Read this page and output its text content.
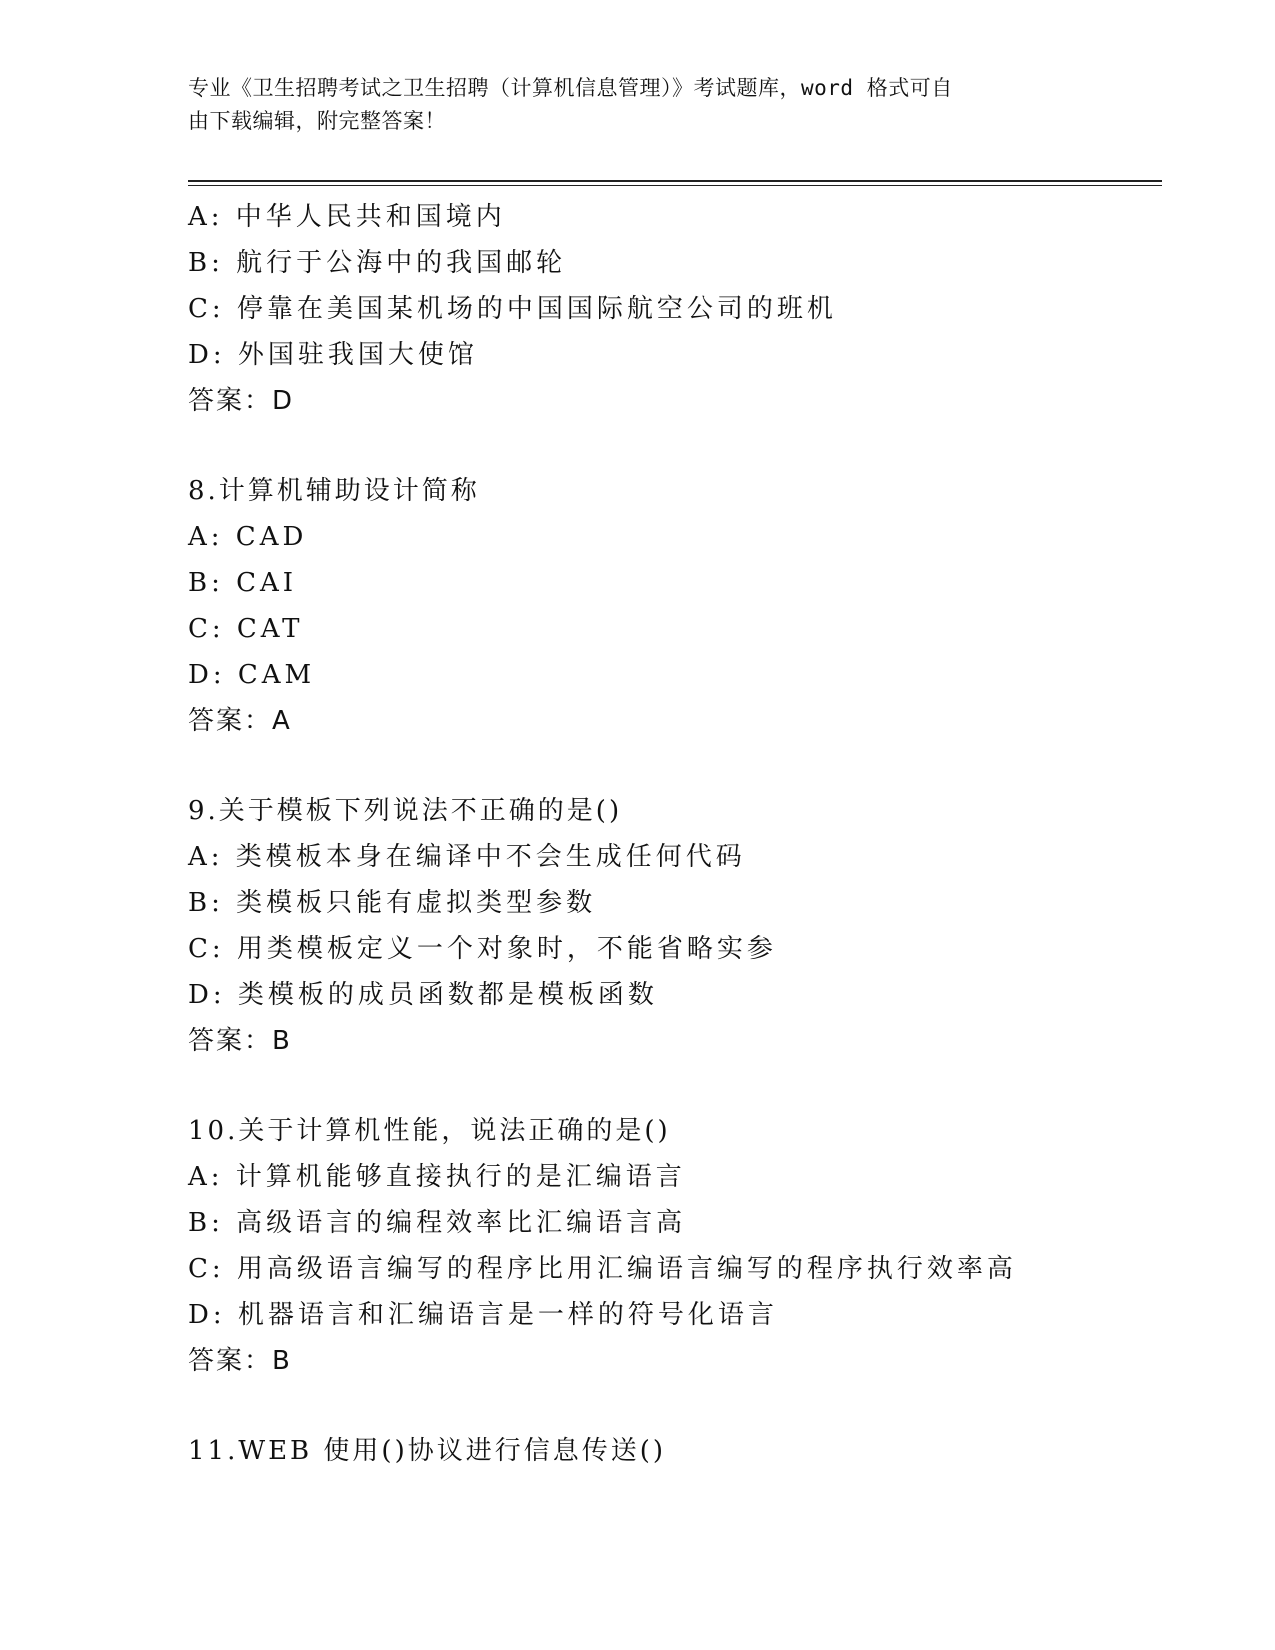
专业《卫生招聘考试之卫生招聘（计算机信息管理）》考试题库，word 格式可自
由下载编辑，附完整答案！
A: 中华人民共和国境内
B: 航行于公海中的我国邮轮
C: 停靠在美国某机场的中国国际航空公司的班机
D: 外国驻我国大使馆
答案：D
8.计算机辅助设计简称
A: CAD
B: CAI
C: CAT
D: CAM
答案：A
9.关于模板下列说法不正确的是()
A: 类模板本身在编译中不会生成任何代码
B: 类模板只能有虚拟类型参数
C: 用类模板定义一个对象时，不能省略实参
D: 类模板的成员函数都是模板函数
答案：B
10.关于计算机性能，说法正确的是()
A: 计算机能够直接执行的是汇编语言
B: 高级语言的编程效率比汇编语言高
C: 用高级语言编写的程序比用汇编语言编写的程序执行效率高
D: 机器语言和汇编语言是一样的符号化语言
答案：B
11.WEB 使用()协议进行信息传送()
